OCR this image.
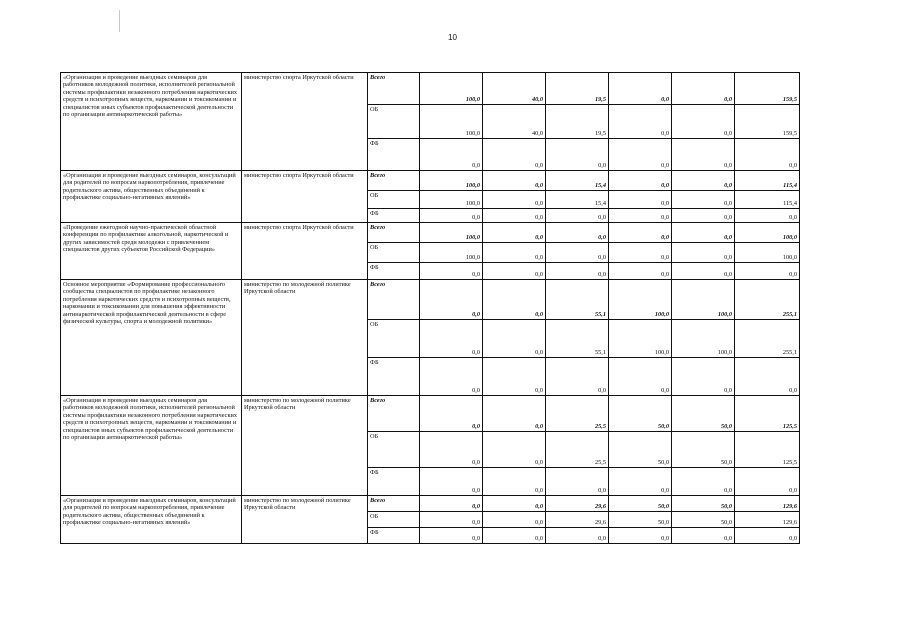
10
«Организация и проведение выездных семинаров для работников молодежной политики, исполнителей региональной системы профилактики незаконного потребления наркотических средств и психотропных веществ, наркомании и токсикомании и специалистов иных субъектов профилактической деятельности по организации антинаркотической работы»	министерство спорта Иркутской области	Всего	100,0	40,0	19,5	0,0	0,0	159,5
		ОБ	100,0	40,0	19,5	0,0	0,0	159,5
		ФБ	0,0	0,0	0,0	0,0	0,0	0,0
«Организация и проведение выездных семинаров, консультаций для родителей по вопросам наркопотребления, привлечение родительского актива, общественных объединений к профилактике социально-негативных явлений»	министерство спорта Иркутской области	Всего	100,0	0,0	15,4	0,0	0,0	115,4
		ОБ	100,0	0,0	15,4	0,0	0,0	115,4
		ФБ	0,0	0,0	0,0	0,0	0,0	0,0
«Проведение ежегодной научно-практической областной конференции по профилактике алкогольной, наркотической и других зависимостей среди молодежи с привлечением специалистов других субъектов Российской Федерации»	министерство спорта Иркутской области	Всего	100,0	0,0	0,0	0,0	0,0	100,0
		ОБ	100,0	0,0	0,0	0,0	0,0	100,0
		ФБ	0,0	0,0	0,0	0,0	0,0	0,0
Основное мероприятие «Формирование профессионального сообщества специалистов по профилактике незаконного потребления наркотических средств и психотропных веществ, наркомании и токсикомании для повышения эффективности антинаркотической профилактической деятельности в сфере физической культуры, спорта и молодежной политики»	министерство по молодежной политике Иркутской области	Всего	0,0	0,0	55,1	100,0	100,0	255,1
		ОБ	0,0	0,0	55,1	100,0	100,0	255,1
		ФБ	0,0	0,0	0,0	0,0	0,0	0,0
«Организация и проведение выездных семинаров для работников молодежной политики, исполнителей региональной системы профилактики незаконного потребления наркотических средств и психотропных веществ, наркомании и токсикомании и специалистов иных субъектов профилактической деятельности по организации антинаркотической работы»	министерство по молодежной политике Иркутской области	Всего	0,0	0,0	25,5	50,0	50,0	125,5
		ОБ	0,0	0,0	25,5	50,0	50,0	125,5
		ФБ	0,0	0,0	0,0	0,0	0,0	0,0
«Организация и проведение выездных семинаров, консультаций для родителей по вопросам наркопотребления, привлечение родительского актива, общественных объединений к профилактике социально-негативных явлений»	министерство по молодежной политике Иркутской области	Всего	0,0	0,0	29,6	50,0	50,0	129,6
		ОБ	0,0	0,0	29,6	50,0	50,0	129,6
		ФБ	0,0	0,0	0,0	0,0	0,0	0,0
